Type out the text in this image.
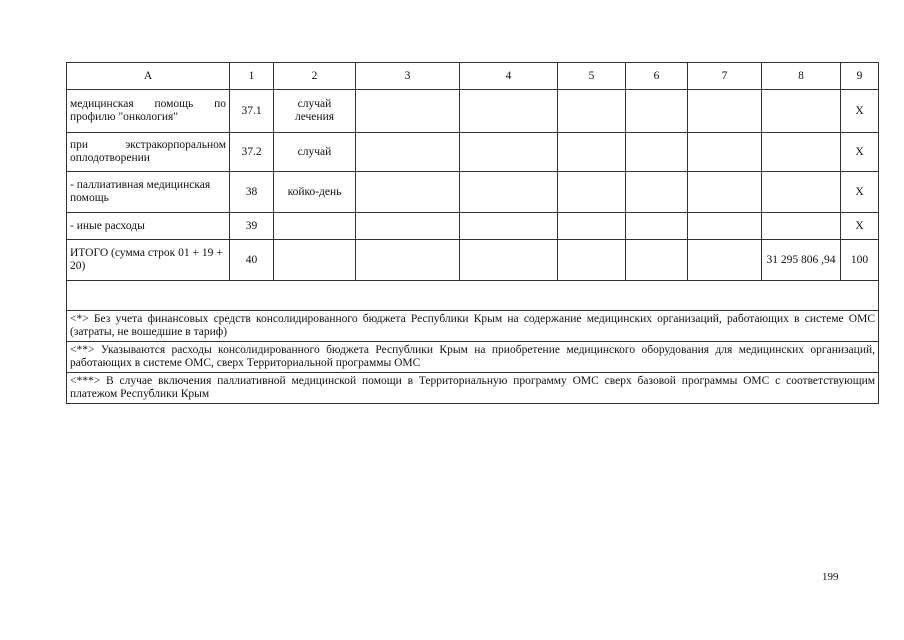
А	1	2	3	4	5	6	7	8	9
медицинская помощь по профилю "онкология"	37.1	случай лечения							Х
при экстракорпоральном оплодотворении	37.2	случай							Х
- паллиативная медицинская помощь	38	койко-день							Х
- иные расходы	39								Х
ИТОГО (сумма строк 01 + 19 + 20)	40							31 295 806 ,94	100

<*> Без учета финансовых средств консолидированного бюджета Республики Крым на содержание медицинских организаций, работающих в системе ОМС (затраты, не вошедшие в тариф)									
<**> Указываются расходы консолидированного бюджета Республики Крым на приобретение медицинского оборудования для медицинских организаций, работающих в системе ОМС, сверх Территориальной программы ОМС									
<***> В случае включения паллиативной медицинской помощи в Территориальную программу ОМС сверх базовой программы ОМС с соответствующим платежом Республики Крым									
199
